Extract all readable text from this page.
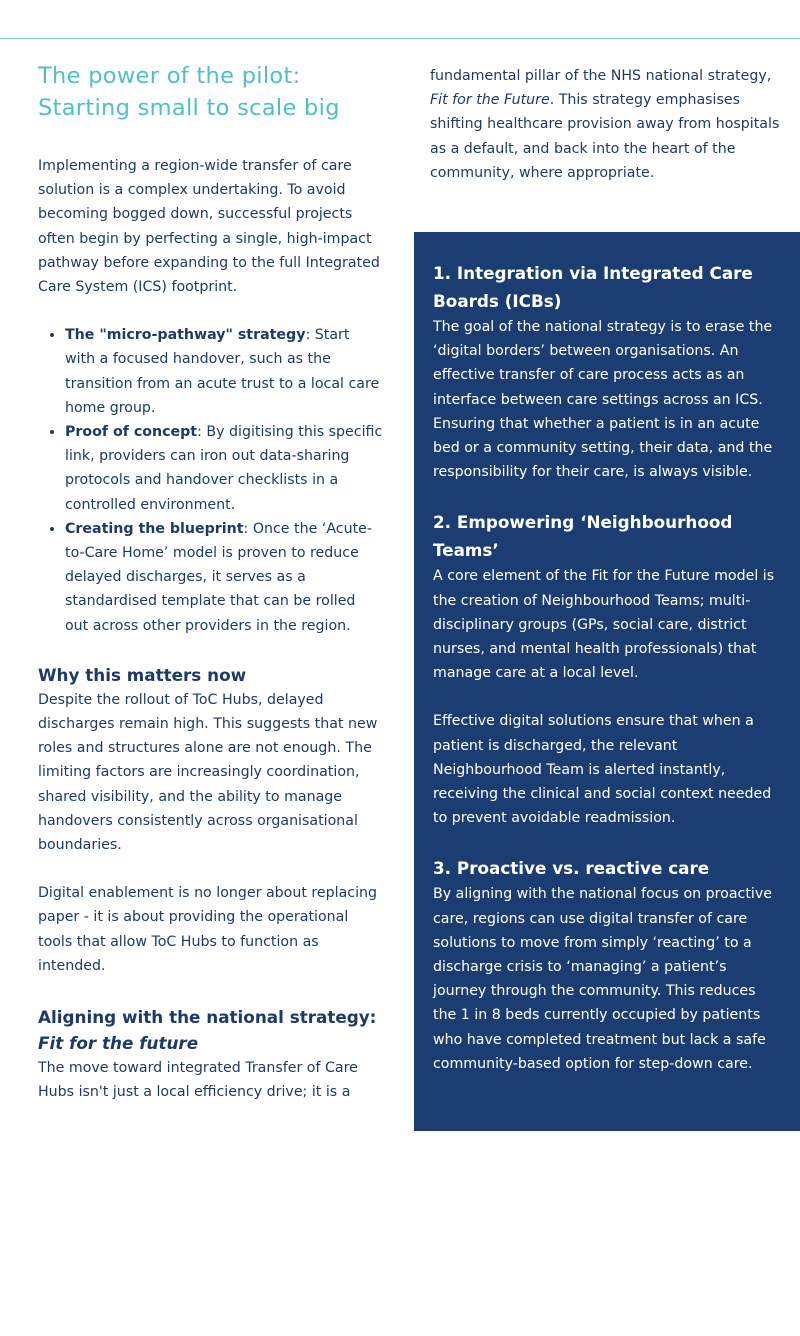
The power of the pilot:
Starting small to scale big

Implementing a region-wide transfer of care solution is a complex undertaking. To avoid becoming bogged down, successful projects often begin by perfecting a single, high-impact pathway before expanding to the full Integrated Care System (ICS) footprint.

• The "micro-pathway" strategy: Start with a focused handover, such as the transition from an acute trust to a local care home group.
• Proof of concept: By digitising this specific link, providers can iron out data-sharing protocols and handover checklists in a controlled environment.
• Creating the blueprint: Once the ‘Acute-to-Care Home’ model is proven to reduce delayed discharges, it serves as a standardised template that can be rolled out across other providers in the region.
Why this matters now

Despite the rollout of ToC Hubs, delayed discharges remain high. This suggests that new roles and structures alone are not enough. The limiting factors are increasingly coordination, shared visibility, and the ability to manage handovers consistently across organisational boundaries.

Digital enablement is no longer about replacing paper - it is about providing the operational tools that allow ToC Hubs to function as intended.

Aligning with the national strategy:
Fit for the future

The move toward integrated Transfer of Care Hubs isn't just a local efficiency drive; it is a

fundamental pillar of the NHS national strategy,
Fit for the Future. This strategy emphasises shifting healthcare provision away from hospitals as a default, and back into the heart of the community, where appropriate.

1. Integration via Integrated Care Boards (ICBs)

The goal of the national strategy is to erase the ‘digital borders’ between organisations. An effective transfer of care process acts as an interface between care settings across an ICS. Ensuring that whether a patient is in an acute bed or a community setting, their data, and the responsibility for their care, is always visible.

2. Empowering ‘Neighbourhood Teams’

A core element of the Fit for the Future model is the creation of Neighbourhood Teams; multi-disciplinary groups (GPs, social care, district nurses, and mental health professionals) that manage care at a local level.

Effective digital solutions ensure that when a patient is discharged, the relevant Neighbourhood Team is alerted instantly, receiving the clinical and social context needed to prevent avoidable readmission.

3. Proactive vs. reactive care

By aligning with the national focus on proactive care, regions can use digital transfer of care solutions to move from simply ‘reacting’ to a discharge crisis to ‘managing’ a patient’s journey through the community. This reduces the 1 in 8 beds currently occupied by patients who have completed treatment but lack a safe community-based option for step-down care.

04
